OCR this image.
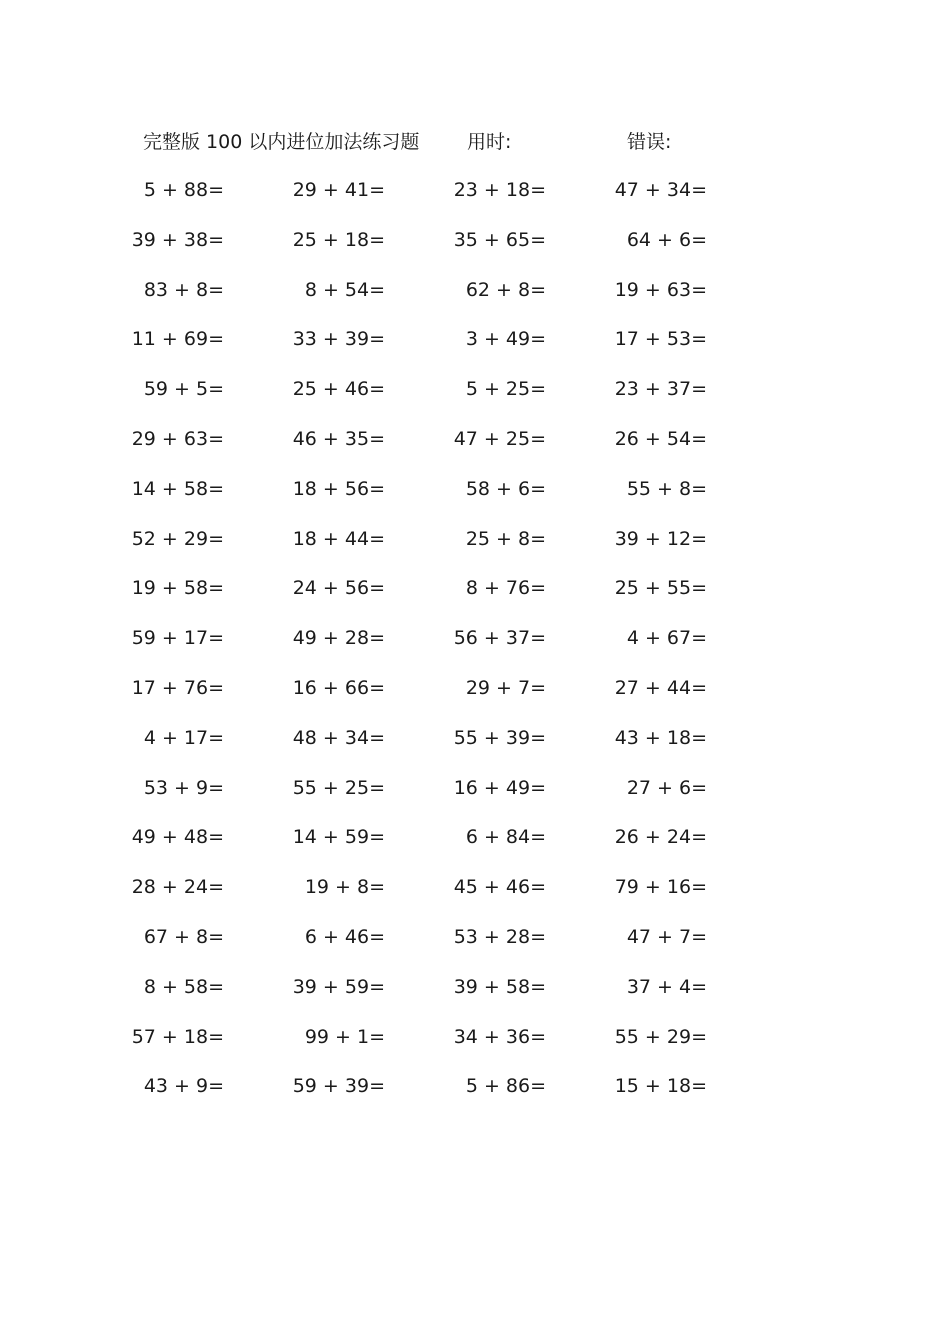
完整版 100 以内进位加法练习题	用时:	错误:
5 + 88=	29 + 41=	23 + 18=	47 + 34=
39 + 38=	25 + 18=	35 + 65=	64 + 6=
83 + 8=	8 + 54=	62 + 8=	19 + 63=
11 + 69=	33 + 39=	3 + 49=	17 + 53=
59 + 5=	25 + 46=	5 + 25=	23 + 37=
29 + 63=	46 + 35=	47 + 25=	26 + 54=
14 + 58=	18 + 56=	58 + 6=	55 + 8=
52 + 29=	18 + 44=	25 + 8=	39 + 12=
19 + 58=	24 + 56=	8 + 76=	25 + 55=
59 + 17=	49 + 28=	56 + 37=	4 + 67=
17 + 76=	16 + 66=	29 + 7=	27 + 44=
4 + 17=	48 + 34=	55 + 39=	43 + 18=
53 + 9=	55 + 25=	16 + 49=	27 + 6=
49 + 48=	14 + 59=	6 + 84=	26 + 24=
28 + 24=	19 + 8=	45 + 46=	79 + 16=
67 + 8=	6 + 46=	53 + 28=	47 + 7=
8 + 58=	39 + 59=	39 + 58=	37 + 4=
57 + 18=	99 + 1=	34 + 36=	55 + 29=
43 + 9=	59 + 39=	5 + 86=	15 + 18=
